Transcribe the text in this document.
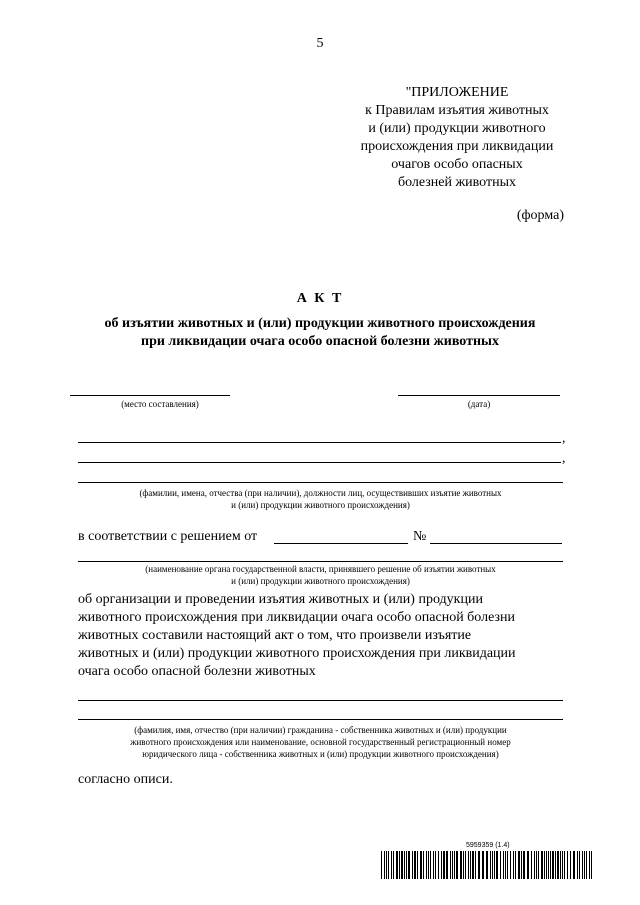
5
"ПРИЛОЖЕНИЕ
к Правилам изъятия животных
и (или) продукции животного
происхождения при ликвидации
очагов особо опасных
болезней животных
(форма)
А К Т
об изъятии животных и (или) продукции животного происхождения
при ликвидации очага особо опасной болезни животных
(место составления)	(дата)
,
,
(фамилии, имена, отчества (при наличии), должности лиц, осуществивших изъятие животных
и (или) продукции животного происхождения)
в соответствии с решением от	№
(наименование органа государственной власти, принявшего решение об изъятии животных
и (или) продукции животного происхождения)
об организации и проведении изъятия животных и (или) продукции
животного происхождения при ликвидации очага особо опасной болезни
животных составили настоящий акт о том, что произвели изъятие
животных и (или) продукции животного происхождения при ликвидации
очага особо опасной болезни животных
(фамилия, имя, отчество (при наличии) гражданина - собственника животных и (или) продукции
животного происхождения или наименование, основной государственный регистрационный номер
юридического лица - собственника животных и (или) продукции животного происхождения)
согласно описи.
5959359 (1.4)
